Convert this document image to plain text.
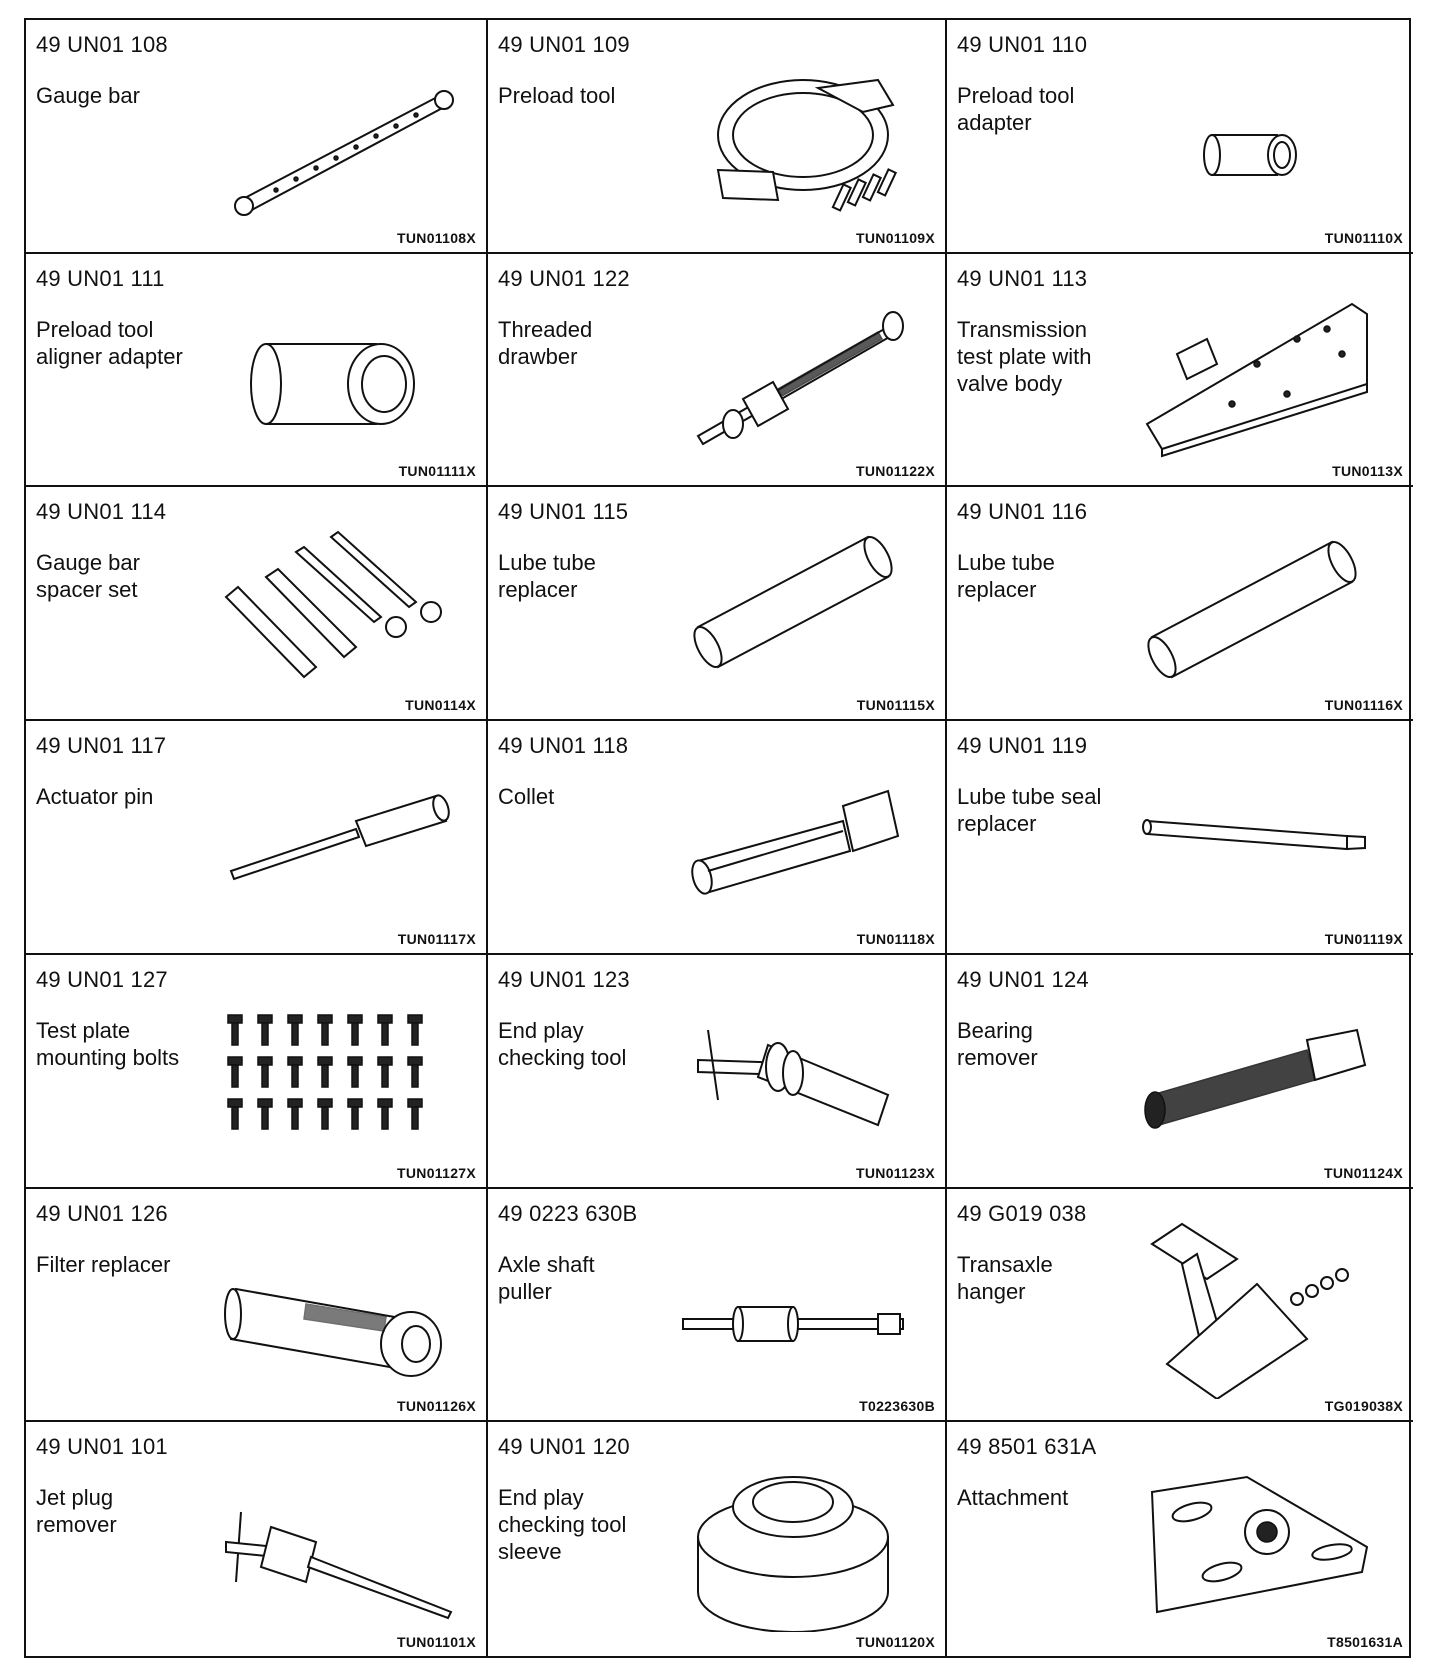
49 UN01 108
Gauge bar
TUN01108X
49 UN01 109
Preload tool
TUN01109X
49 UN01 110
Preload tool
adapter
TUN01110X
49 UN01 111
Preload tool
aligner adapter
TUN01111X
49 UN01 122
Threaded
drawber
TUN01122X
49 UN01 113
Transmission
test plate with
valve body
TUN0113X
49 UN01 114
Gauge bar
spacer set
TUN0114X
49 UN01 115
Lube tube
replacer
TUN01115X
49 UN01 116
Lube tube
replacer
TUN01116X
49 UN01 117
Actuator pin
TUN01117X
49 UN01 118
Collet
TUN01118X
49 UN01 119
Lube tube seal
replacer
TUN01119X
49 UN01 127
Test plate
mounting bolts
TUN01127X
49 UN01 123
End play
checking tool
TUN01123X
49 UN01 124
Bearing
remover
TUN01124X
49 UN01 126
Filter replacer
TUN01126X
49 0223 630B
Axle shaft
puller
T0223630B
49 G019 038
Transaxle
hanger
TG019038X
49 UN01 101
Jet plug
remover
TUN01101X
49 UN01 120
End play
checking tool
sleeve
TUN01120X
49 8501 631A
Attachment
T8501631A
